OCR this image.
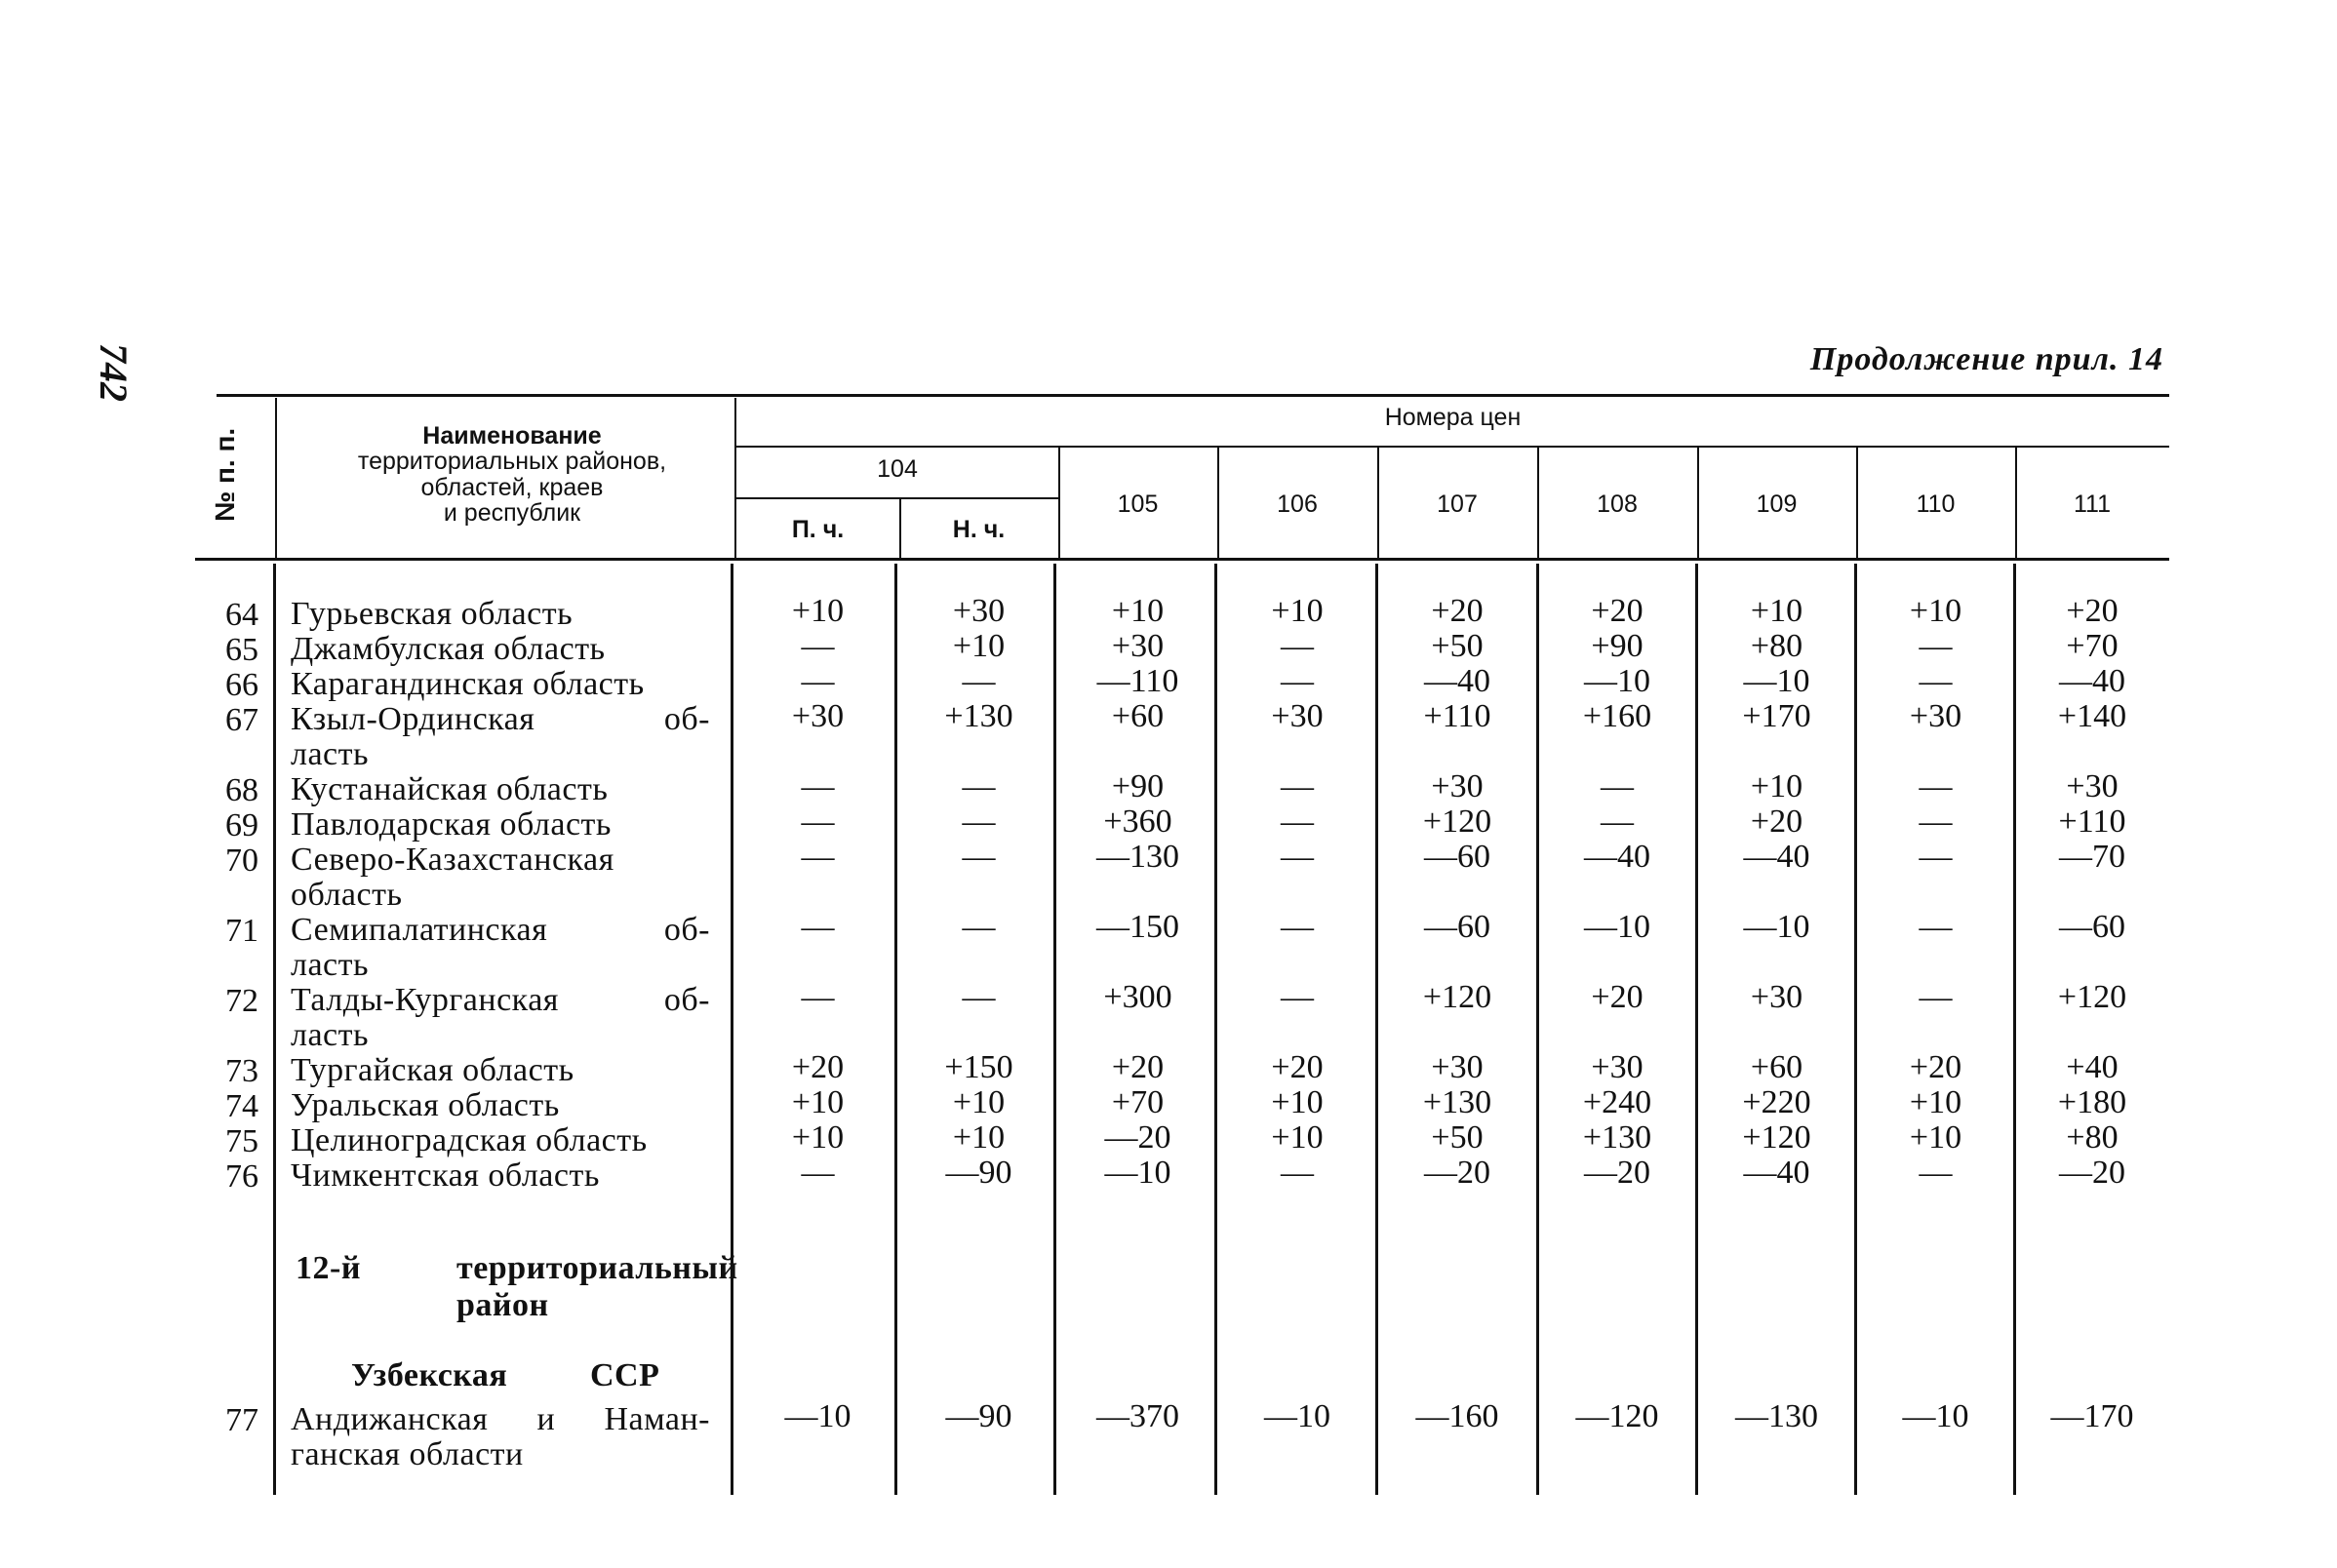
742	Продолжение прил. 14
№ п. п.	Наименование
территориальных районов,
областей, краев
и республик
Номера цен
104
П. ч.	Н. ч.
105	106	107	108	109	110	111
64 Гурьевская область	+10	+30	+10	+10	+20	+20	+10	+10	+20
65 Джамбулская область	—	+10	+30	—	+50	+90	+80	—	+70
66 Карагандинская область	—	—	—110	—	—40	—10	—10	—	—40
67 Кзыл-Ординская об-
ласть
+30	+130	+60	+30	+110	+160	+170	+30	+140
68 Кустанайская область	—	—	+90	—	+30	—	+10	—	+30
69 Павлодарская область	—	—	+360	—	+120	—	+20	—	+110
70 Северо-Казахстанская
область
—	—	—130	—	—60	—40	—40	—	—70
71 Семипалатинская об-
ласть
—	—	—150	—	—60	—10	—10	—	—60
72 Талды-Курганская об-
ласть
—	—	+300	—	+120	+20	+30	—	+120
73 Тургайская область	+20	+150	+20	+20	+30	+30	+60	+20	+40
74 Уральская область	+10	+10	+70	+10	+130	+240	+220	+10	+180
75 Целиноградская область	+10	+10	—20	+10	+50	+130	+120	+10	+80
76 Чимкентская область	—	—90	—10	—	—20	—20	—40	—	—20
77 Андижанская и Наман-
ганская области
—10	—90	—370	—10	—160	—120	—130	—10	—170
12-й	территориальный
район
Узбекская ССР
